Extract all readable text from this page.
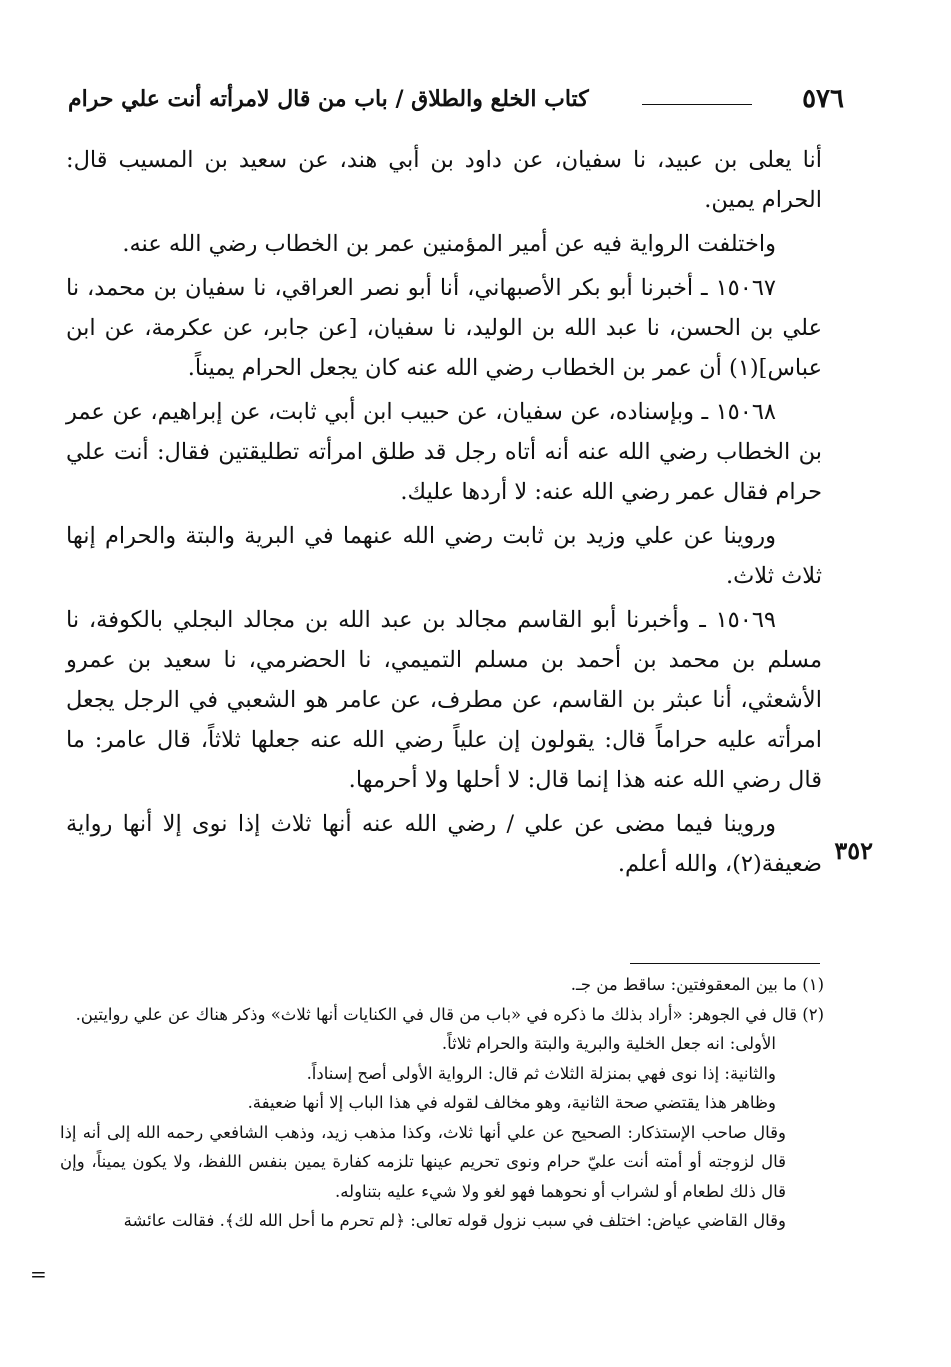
٥٧٦
كتاب الخلع والطلاق / باب من قال لامرأته أنت علي حرام

أنا يعلى بن عبيد، نا سفيان، عن داود بن أبي هند، عن سعيد بن المسيب قال: الحرام يمين.

واختلفت الرواية فيه عن أمير المؤمنين عمر بن الخطاب رضي الله عنه.

١٥٠٦٧ ـ أخبرنا أبو بكر الأصبهاني، أنا أبو نصر العراقي، نا سفيان بن محمد، نا علي بن الحسن، نا عبد الله بن الوليد، نا سفيان، [عن جابر، عن عكرمة، عن ابن عباس](١) أن عمر بن الخطاب رضي الله عنه كان يجعل الحرام يميناً.

١٥٠٦٨ ـ وبإسناده، عن سفيان، عن حبيب ابن أبي ثابت، عن إبراهيم، عن عمر بن الخطاب رضي الله عنه أنه أتاه رجل قد طلق امرأته تطليقتين فقال: أنت علي حرام فقال عمر رضي الله عنه: لا أردها عليك.

وروينا عن علي وزيد بن ثابت رضي الله عنهما في البرية والبتة والحرام إنها ثلاث ثلاث.

١٥٠٦٩ ـ وأخبرنا أبو القاسم مجالد بن عبد الله بن مجالد البجلي بالكوفة، نا مسلم بن محمد بن أحمد بن مسلم التميمي، نا الحضرمي، نا سعيد بن عمرو الأشعثي، أنا عبثر بن القاسم، عن مطرف، عن عامر هو الشعبي في الرجل يجعل امرأته عليه حراماً قال: يقولون إن علياً رضي الله عنه جعلها ثلاثاً، قال عامر: ما قال رضي الله عنه هذا إنما قال: لا أحلها ولا أحرمها.

وروينا فيما مضى عن علي / رضي الله عنه أنها ثلاث إذا نوى إلا أنها رواية ضعيفة(٢)، والله أعلم. ٣٥٢

(١) ما بين المعقوفتين: ساقط من جـ.

(٢) قال في الجوهر: «أراد بذلك ما ذكره في «باب من قال في الكنايات أنها ثلاث» وذكر هناك عن علي روايتين.

الأولى: انه جعل الخلية والبرية والبتة والحرام ثلاثاً.

والثانية: إذا نوى فهي بمنزلة الثلاث ثم قال: الرواية الأولى أصح إسناداً.

وظاهر هذا يقتضي صحة الثانية، وهو مخالف لقوله في هذا الباب إلا أنها ضعيفة.

وقال صاحب الإستذكار: الصحيح عن علي أنها ثلاث، وكذا مذهب زيد، وذهب الشافعي رحمه الله إلى أنه إذا قال لزوجته أو أمته أنت عليّ حرام ونوى تحريم عينها تلزمه كفارة يمين بنفس اللفظ، ولا يكون يميناً، وإن قال ذلك لطعام أو لشراب أو نحوهما فهو لغو ولا شيء عليه بتناوله.

وقال القاضي عياض: اختلف في سبب نزول قوله تعالى: ﴿لم تحرم ما أحل الله لك﴾. فقالت عائشة

=
